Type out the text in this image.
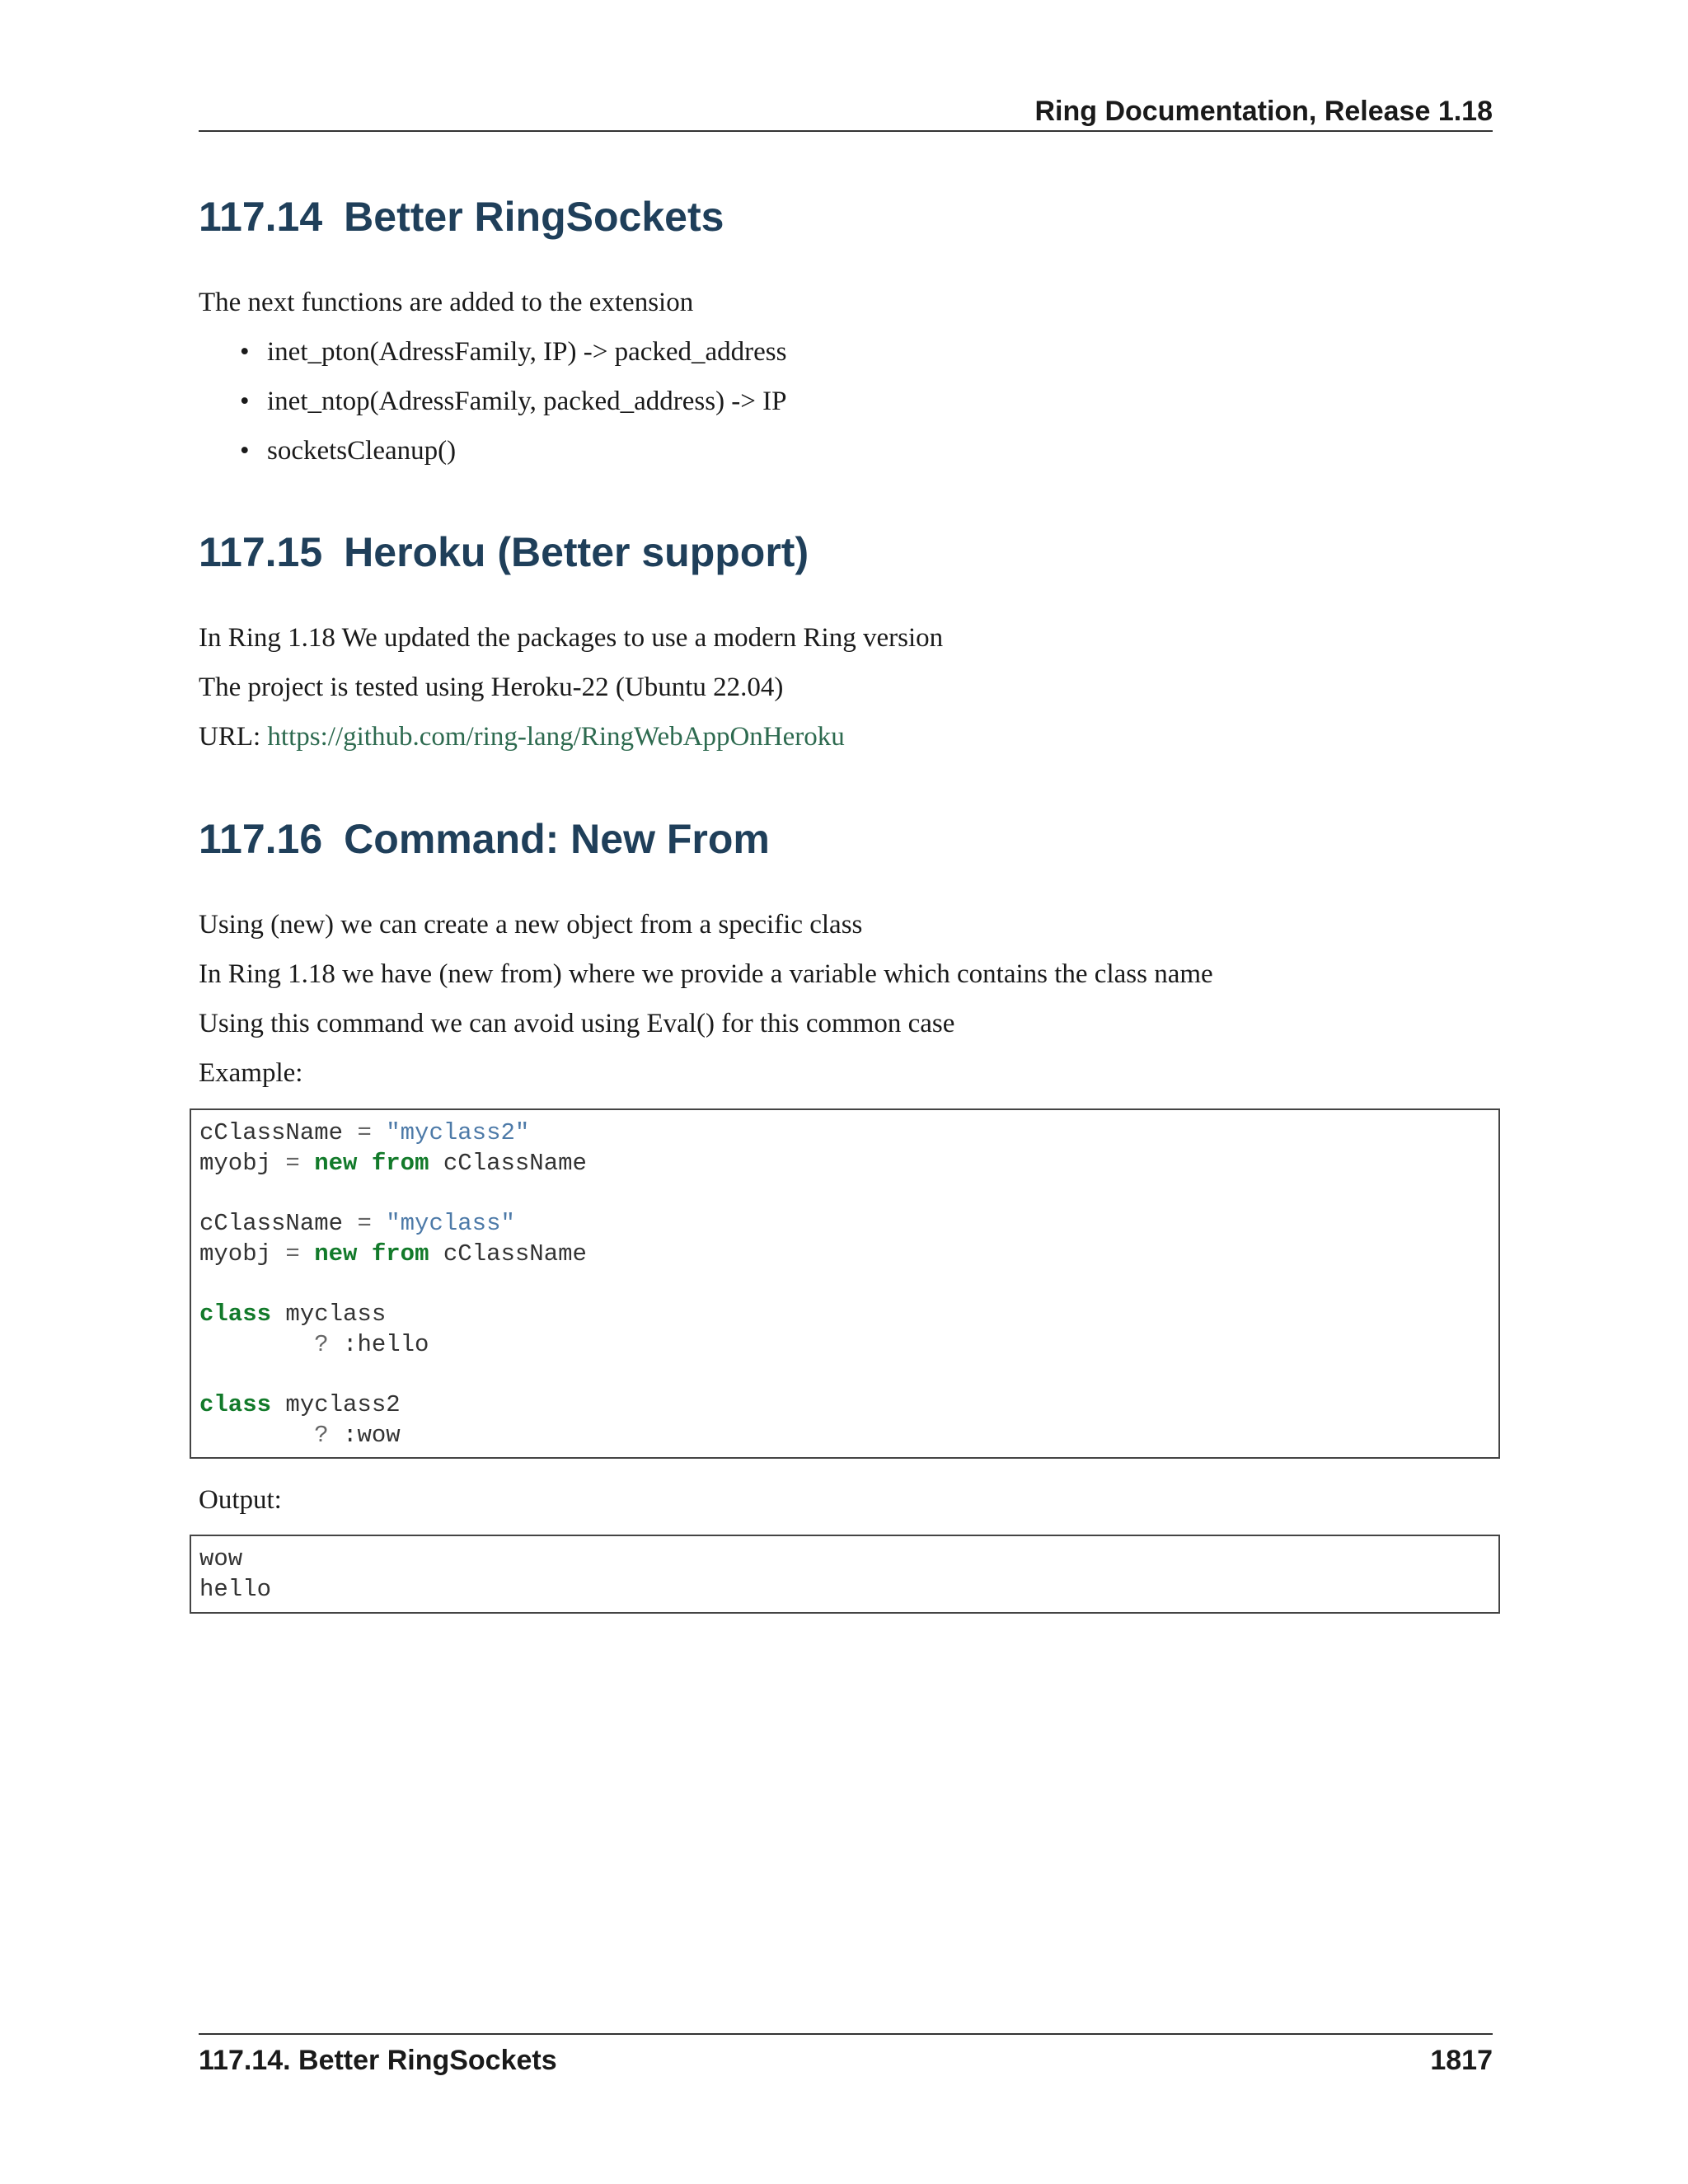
Ring Documentation, Release 1.18
117.14 Better RingSockets

The next functions are added to the extension

• inet_pton(AdressFamily, IP) -> packed_address
• inet_ntop(AdressFamily, packed_address) -> IP
• socketsCleanup()
117.15 Heroku (Better support)

In Ring 1.18 We updated the packages to use a modern Ring version

The project is tested using Heroku-22 (Ubuntu 22.04)

URL: https://github.com/ring-lang/RingWebAppOnHeroku

117.16 Command: New From

Using (new) we can create a new object from a specific class

In Ring 1.18 we have (new from) where we provide a variable which contains the class name

Using this command we can avoid using Eval() for this common case

Example:

cClassName = "myclass2"
myobj = new from cClassName

cClassName = "myclass"
myobj = new from cClassName

class myclass
? :hello

class myclass2
? :wow

Output:

wow
hello
117.14. Better RingSockets	1817
